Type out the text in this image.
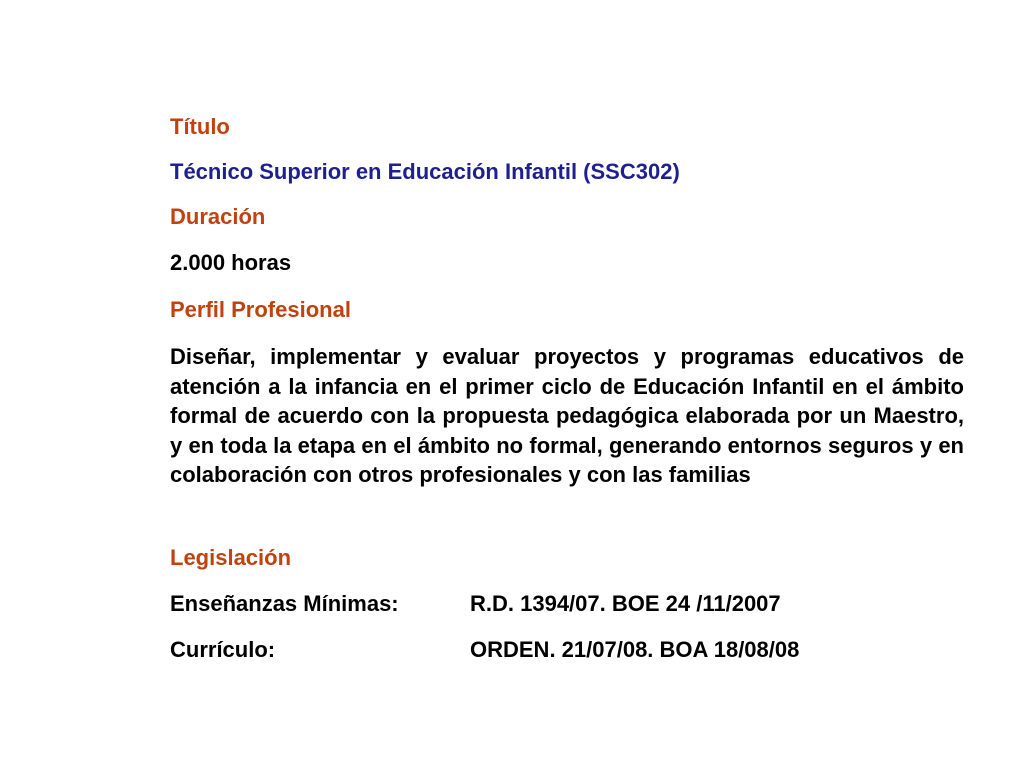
Título
Técnico Superior en Educación Infantil (SSC302)
Duración
2.000 horas
Perfil Profesional
Diseñar, implementar y evaluar proyectos y programas educativos de atención a la infancia en el primer ciclo de Educación Infantil en el ámbito formal de acuerdo con la propuesta pedagógica elaborada por un Maestro, y en toda la etapa en el ámbito no formal, generando entornos seguros y en colaboración con otros profesionales y con las familias
Legislación
Enseñanzas Mínimas:	R.D. 1394/07. BOE 24 /11/2007
Currículo:	ORDEN. 21/07/08. BOA 18/08/08
